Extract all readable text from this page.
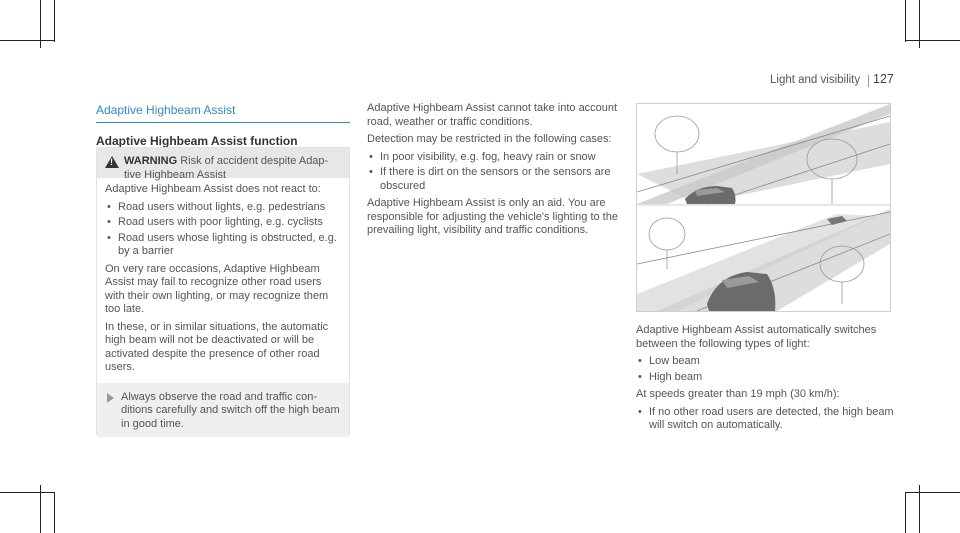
Light and visibility 127
Adaptive Highbeam Assist
Adaptive Highbeam Assist function
!
WARNING Risk of accident despite Adap-tive Highbeam Assist

Adaptive Highbeam Assist does not react to:

• Road users without lights, e.g. pedestrians
• Road users with poor lighting, e.g. cyclists
• Road users whose lighting is obstructed, e.g. by a barrier

On very rare occasions, Adaptive Highbeam Assist may fail to recognize other road users with their own lighting, or may recognize them too late.

In these, or in similar situations, the automatic high beam will not be deactivated or will be activated despite the presence of other road users.

Always observe the road and traffic con-ditions carefully and switch off the high beam in good time.

Adaptive Highbeam Assist cannot take into account road, weather or traffic conditions.

Detection may be restricted in the following cases:

• In poor visibility, e.g. fog, heavy rain or snow
• If there is dirt on the sensors or the sensors are obscured

Adaptive Highbeam Assist is only an aid. You are responsible for adjusting the vehicle's lighting to the prevailing light, visibility and traffic conditions.

Adaptive Highbeam Assist automatically switches between the following types of light:

• Low beam
• High beam

At speeds greater than 19 mph (30 km/h):

• If no other road users are detected, the high beam will switch on automatically.
